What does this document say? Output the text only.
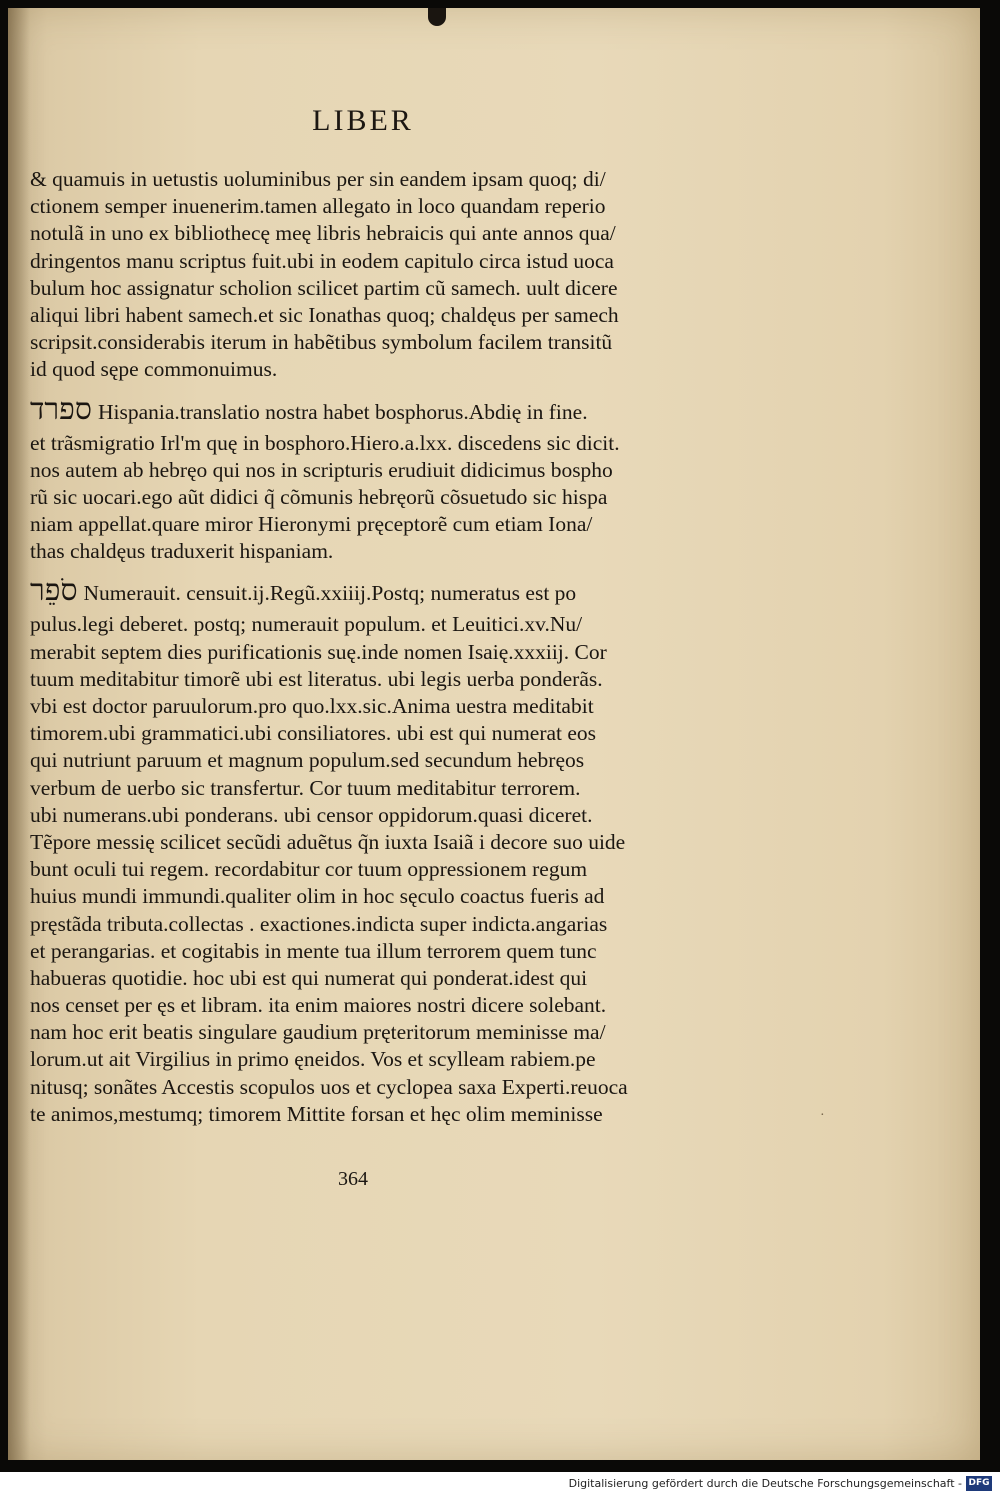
LIBER
& quamuis in uetustis uoluminibus per sin eandem ipsam quoq; di/
ctionem semper inuenerim.tamen allegato in loco quandam reperio
notulã in uno ex bibliothecę meę libris hebraicis qui ante annos qua/
dringentos manu scriptus fuit.ubi in eodem capitulo circa istud uoca
bulum hoc assignatur scholion scilicet partim cũ samech. uult dicere
aliqui libri habent samech.et sic Ionathas quoq; chaldęus per samech
scripsit.considerabis iterum in habẽtibus symbolum facilem transitũ
id quod sępe commonuimus.
ספרד Hispania.translatio nostra habet bosphorus.Abdię in fine.
et trãsmigratio Irl'm quę in bosphoro.Hiero.a.lxx. discedens sic dicit.
nos autem ab hebręo qui nos in scripturis erudiuit didicimus bospho
rũ sic uocari.ego aũt didici q̃ cõmunis hebręorũ cõsuetudo sic hispa
niam appellat.quare miror Hieronymi pręceptorẽ cum etiam Iona/
thas chaldęus traduxerit hispaniam.
סֹפֵר Numerauit. censuit.ij.Regũ.xxiiij.Postq; numeratus est po
pulus.legi deberet. postq; numerauit populum. et Leuitici.xv.Nu/
merabit septem dies purificationis suę.inde nomen Isaię.xxxiij. Cor
tuum meditabitur timorẽ ubi est literatus. ubi legis uerba ponderãs.
vbi est doctor paruulorum.pro quo.lxx.sic.Anima uestra meditabit
timorem.ubi grammatici.ubi consiliatores. ubi est qui numerat eos
qui nutriunt paruum et magnum populum.sed secundum hebręos
verbum de uerbo sic transfertur. Cor tuum meditabitur terrorem.
ubi numerans.ubi ponderans. ubi censor oppidorum.quasi diceret.
Tẽpore messię scilicet secũdi aduẽtus q̃n iuxta Isaiã i decore suo uide
bunt oculi tui regem. recordabitur cor tuum oppressionem regum
huius mundi immundi.qualiter olim in hoc sęculo coactus fueris ad
pręstãda tributa.collectas . exactiones.indicta super indicta.angarias
et perangarias. et cogitabis in mente tua illum terrorem quem tunc
habueras quotidie. hoc ubi est qui numerat qui ponderat.idest qui
nos censet per ęs et libram. ita enim maiores nostri dicere solebant.
nam hoc erit beatis singulare gaudium pręteritorum meminisse ma/
lorum.ut ait Virgilius in primo ęneidos. Vos et scylleam rabiem.pe
nitusq; sonãtes Accestis scopulos uos et cyclopea saxa Experti.reuoca
te animos,mestumq; timorem Mittite forsan et hęc olim meminisse
364
·
Digitalisierung gefördert durch die Deutsche Forschungsgemeinschaft - DFG
